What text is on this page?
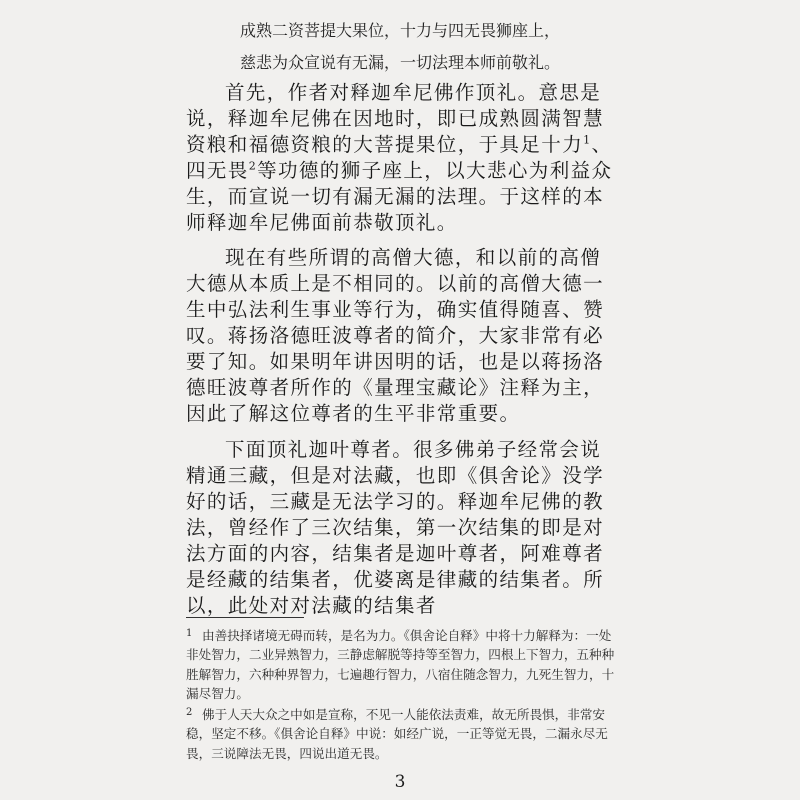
成熟二资菩提大果位，十力与四无畏狮座上，
慈悲为众宣说有无漏，一切法理本师前敬礼。

首先，作者对释迦牟尼佛作顶礼。意思是说，释迦牟尼佛在因地时，即已成熟圆满智慧资粮和福德资粮的大菩提果位，于具足十力$^1$、四无畏$^2$等功德的狮子座上，以大悲心为利益众生，而宣说一切有漏无漏的法理。于这样的本师释迦牟尼佛面前恭敬顶礼。

现在有些所谓的高僧大德，和以前的高僧大德从本质上是不相同的。以前的高僧大德一生中弘法利生事业等行为，确实值得随喜、赞叹。蒋扬洛德旺波尊者的简介，大家非常有必要了知。如果明年讲因明的话，也是以蒋扬洛德旺波尊者所作的《量理宝藏论》注释为主，因此了解这位尊者的生平非常重要。

下面顶礼迦叶尊者。很多佛弟子经常会说精通三藏，但是对法藏，也即《俱舍论》没学好的话，三藏是无法学习的。释迦牟尼佛的教法，曾经作了三次结集，第一次结集的即是对法方面的内容，结集者是迦叶尊者，阿难尊者是经藏的结集者，优婆离是律藏的结集者。所以，此处对对法藏的结集者

1 由善抉择诸境无碍而转，是名为力。《俱舍论自释》中将十力解释为：一处非处智力，二业异熟智力，三静虑解脱等持等至智力，四根上下智力，五种种胜解智力，六种种界智力，七遍趣行智力，八宿住随念智力，九死生智力，十漏尽智力。
2 佛于人天大众之中如是宣称，不见一人能依法责难，故无所畏惧，非常安稳，坚定不移。《俱舍论自释》中说：如经广说，一正等觉无畏，二漏永尽无畏，三说障法无畏，四说出道无畏。
3
